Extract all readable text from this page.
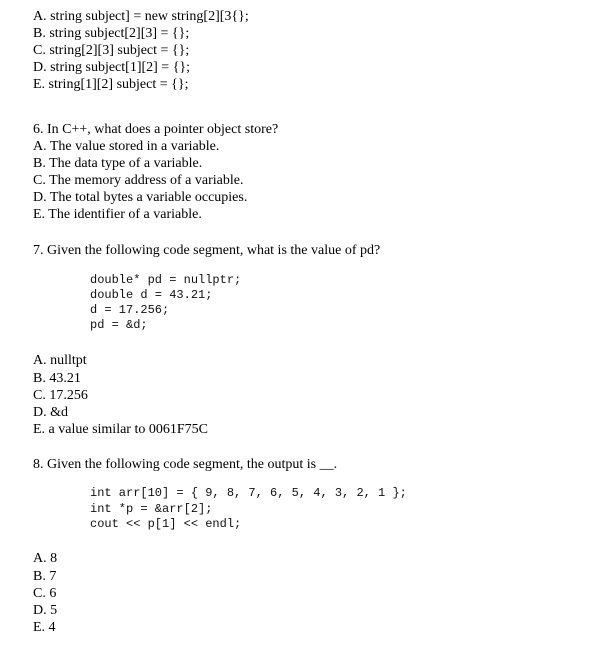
A. string subject] = new string[2][3{};
B. string subject[2][3] = {};
C. string[2][3] subject = {};
D. string subject[1][2] = {};
E. string[1][2] subject = {};
6. In C++, what does a pointer object store?
A. The value stored in a variable.
B. The data type of a variable.
C. The memory address of a variable.
D. The total bytes a variable occupies.
E. The identifier of a variable.
7. Given the following code segment, what is the value of pd?
double* pd = nullptr;
double d = 43.21;
d = 17.256;
pd = &d;
A. nulltpt
B. 43.21
C. 17.256
D. &d
E. a value similar to 0061F75C
8. Given the following code segment, the output is __.
int arr[10] = { 9, 8, 7, 6, 5, 4, 3, 2, 1 };
int *p = &arr[2];
cout << p[1] << endl;
A. 8
B. 7
C. 6
D. 5
E. 4
